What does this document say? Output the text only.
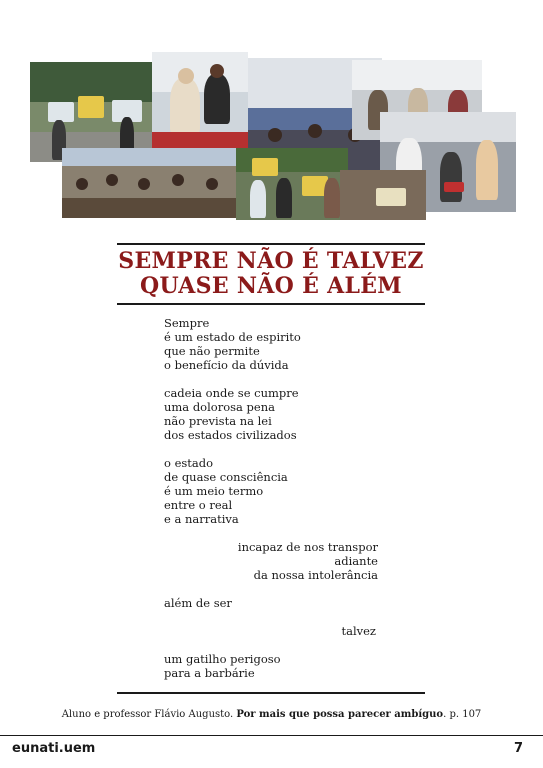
SEMPRE NÃO É TALVEZ
QUASE NÃO É ALÉM

Sempre

é um estado de espirito

que não permite

o benefício da dúvida

cadeia onde se cumpre

uma dolorosa pena

não prevista na lei

dos estados civilizados

o estado

de quase consciência

é um meio termo

entre o real

e a narrativa

incapaz de nos transpor

adiante

da nossa intolerância

além de ser

talvez

um gatilho perigoso

para a barbárie

Aluno e professor Flávio Augusto. Por mais que possa parecer ambíguo. p. 107
eunati.uem	7
